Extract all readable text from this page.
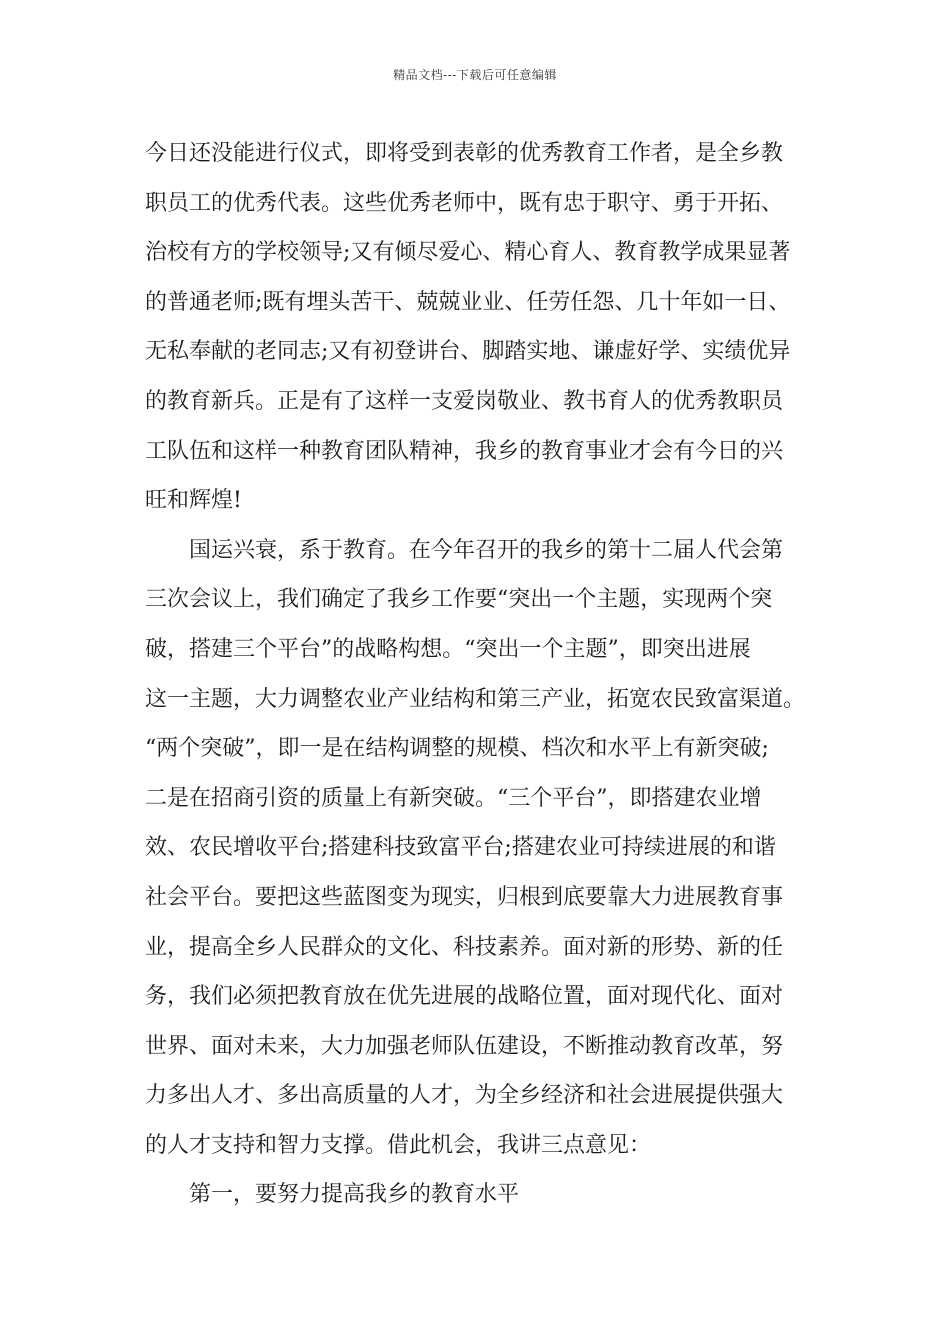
精品文档---下载后可任意编辑
今日还没能进行仪式，即将受到表彰的优秀教育工作者，是全乡教
职员工的优秀代表。这些优秀老师中，既有忠于职守、勇于开拓、
治校有方的学校领导;又有倾尽爱心、精心育人、教育教学成果显著
的普通老师;既有埋头苦干、兢兢业业、任劳任怨、几十年如一日、
无私奉献的老同志;又有初登讲台、脚踏实地、谦虚好学、实绩优异
的教育新兵。正是有了这样一支爱岗敬业、教书育人的优秀教职员
工队伍和这样一种教育团队精神，我乡的教育事业才会有今日的兴
旺和辉煌!
国运兴衰，系于教育。在今年召开的我乡的第十二届人代会第
三次会议上，我们确定了我乡工作要“突出一个主题，实现两个突
破，搭建三个平台”的战略构想。“突出一个主题”，即突出进展
这一主题，大力调整农业产业结构和第三产业，拓宽农民致富渠道。
“两个突破”，即一是在结构调整的规模、档次和水平上有新突破;
二是在招商引资的质量上有新突破。“三个平台”，即搭建农业增
效、农民增收平台;搭建科技致富平台;搭建农业可持续进展的和谐
社会平台。要把这些蓝图变为现实，归根到底要靠大力进展教育事
业，提高全乡人民群众的文化、科技素养。面对新的形势、新的任
务，我们必须把教育放在优先进展的战略位置，面对现代化、面对
世界、面对未来，大力加强老师队伍建设，不断推动教育改革，努
力多出人才、多出高质量的人才，为全乡经济和社会进展提供强大
的人才支持和智力支撑。借此机会，我讲三点意见：
第一，要努力提高我乡的教育水平
